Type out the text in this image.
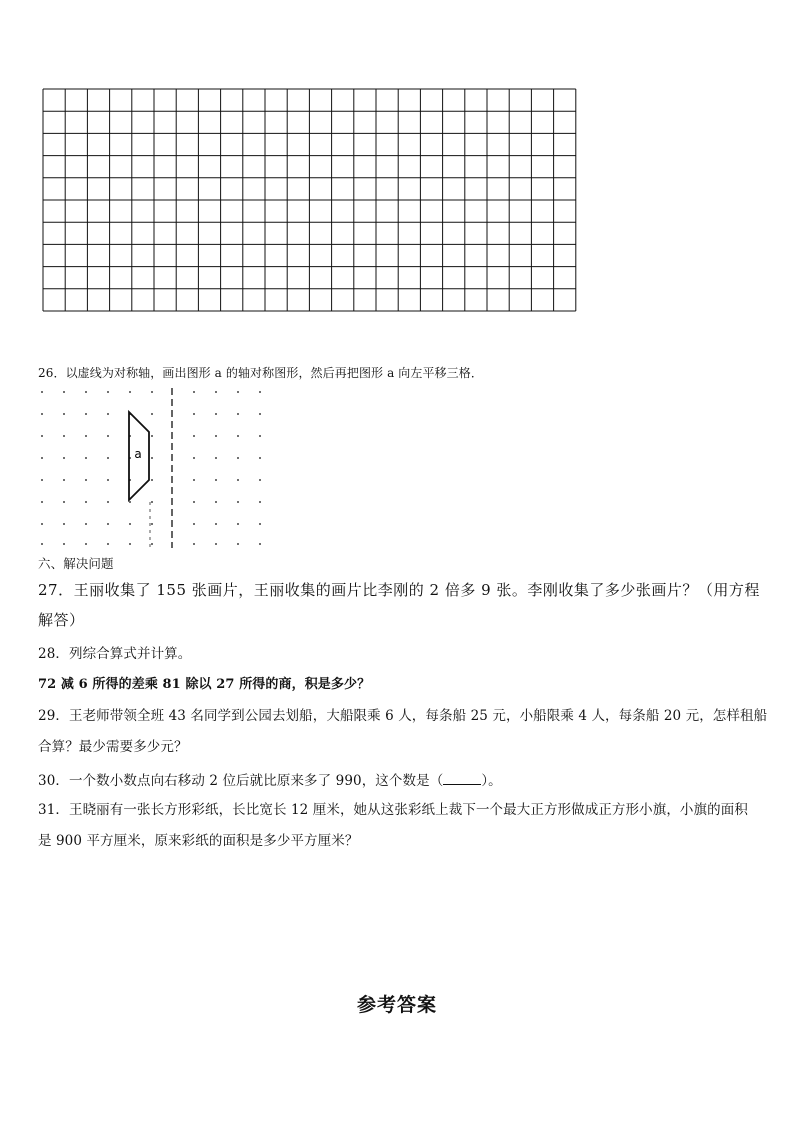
26．以虚线为对称轴，画出图形 a 的轴对称图形，然后再把图形 a 向左平移三格．
a
六、解决问题
27．王丽收集了 155 张画片，王丽收集的画片比李刚的 2 倍多 9 张。李刚收集了多少张画片？（用方程
解答）
28．列综合算式并计算。
72 减 6 所得的差乘 81 除以 27 所得的商，积是多少？
29．王老师带领全班 43 名同学到公园去划船，大船限乘 6 人，每条船 25 元，小船限乘 4 人，每条船 20 元，怎样租船
合算？最少需要多少元？
30．一个数小数点向右移动 2 位后就比原来多了 990，这个数是（	）。
31．王晓丽有一张长方形彩纸，长比宽长 12 厘米，她从这张彩纸上裁下一个最大正方形做成正方形小旗，小旗的面积
是 900 平方厘米，原来彩纸的面积是多少平方厘米？
参考答案
